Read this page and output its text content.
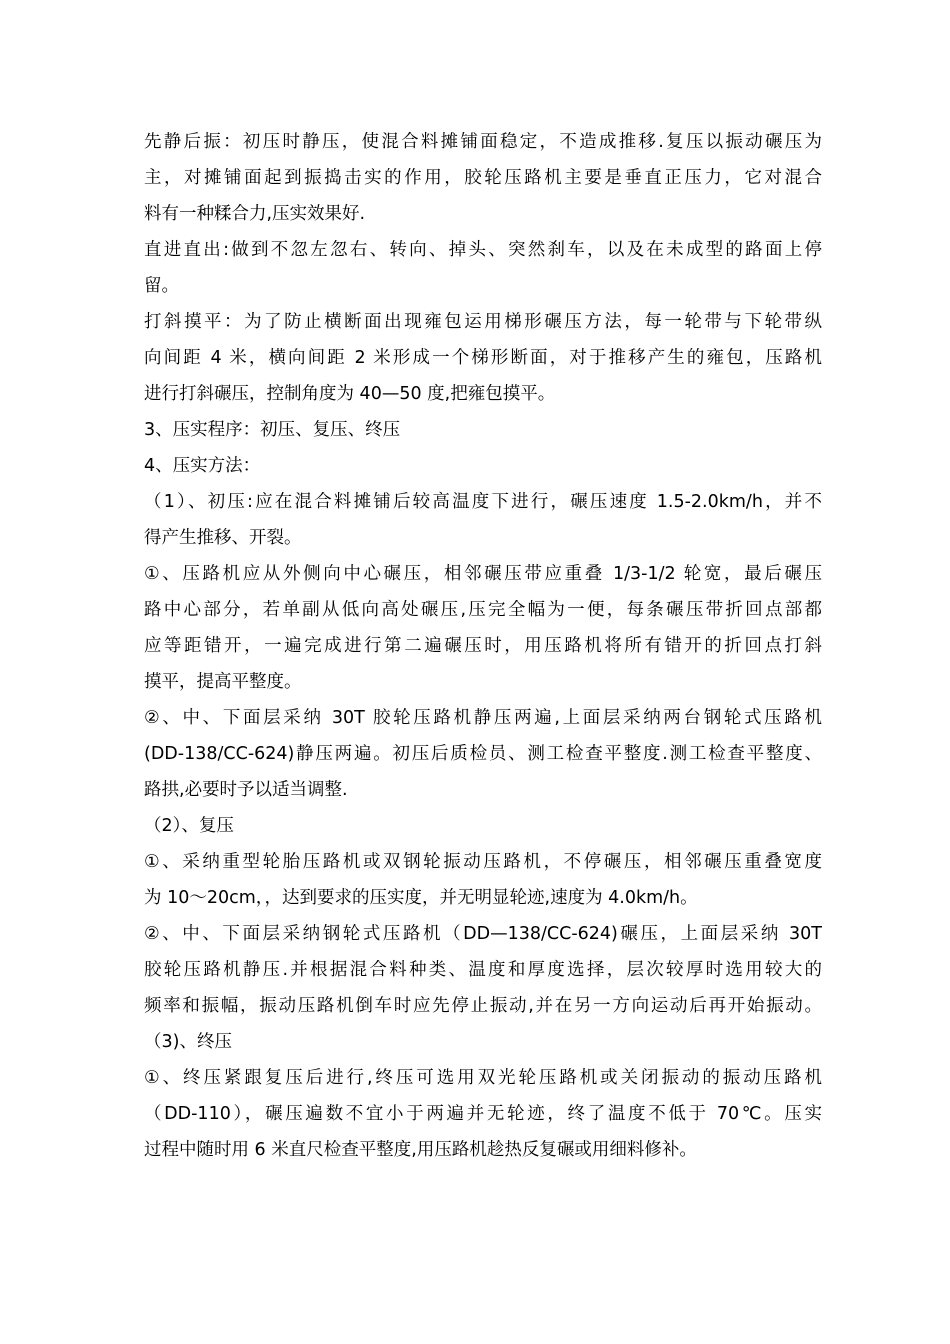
先静后振：初压时静压，使混合料摊铺面稳定，不造成推移.复压以振动碾压为
主，对摊铺面起到振捣击实的作用，胶轮压路机主要是垂直正压力，它对混合
料有一种糅合力,压实效果好.
直进直出:做到不忽左忽右、转向、掉头、突然刹车，以及在未成型的路面上停
留。
打斜摸平：为了防止横断面出现雍包运用梯形碾压方法，每一轮带与下轮带纵
向间距 4 米，横向间距 2 米形成一个梯形断面，对于推移产生的雍包，压路机
进行打斜碾压，控制角度为 40—50 度,把雍包摸平。
3、压实程序：初压、复压、终压
4、压实方法：
（1）、初压:应在混合料摊铺后较高温度下进行，碾压速度 1.5-2.0km/h，并不
得产生推移、开裂。
①、压路机应从外侧向中心碾压，相邻碾压带应重叠 1/3-1/2 轮宽，最后碾压
路中心部分，若单副从低向高处碾压,压完全幅为一便，每条碾压带折回点部都
应等距错开，一遍完成进行第二遍碾压时，用压路机将所有错开的折回点打斜
摸平，提高平整度。
②、中、下面层采纳 30T 胶轮压路机静压两遍,上面层采纳两台钢轮式压路机
(DD-138/CC-624)静压两遍。初压后质检员、测工检查平整度.测工检查平整度、
路拱,必要时予以适当调整.
（2）、复压
①、采纳重型轮胎压路机或双钢轮振动压路机，不停碾压，相邻碾压重叠宽度
为 10～20cm，，达到要求的压实度，并无明显轮迹,速度为 4.0km/h。
②、中、下面层采纳钢轮式压路机（DD—138/CC-624)碾压，上面层采纳 30T
胶轮压路机静压.并根据混合料种类、温度和厚度选择，层次较厚时选用较大的
频率和振幅，振动压路机倒车时应先停止振动,并在另一方向运动后再开始振动。
（3)、终压
①、终压紧跟复压后进行,终压可选用双光轮压路机或关闭振动的振动压路机
（DD-110），碾压遍数不宜小于两遍并无轮迹，终了温度不低于 70℃。压实
过程中随时用 6 米直尺检查平整度,用压路机趁热反复碾或用细料修补。
